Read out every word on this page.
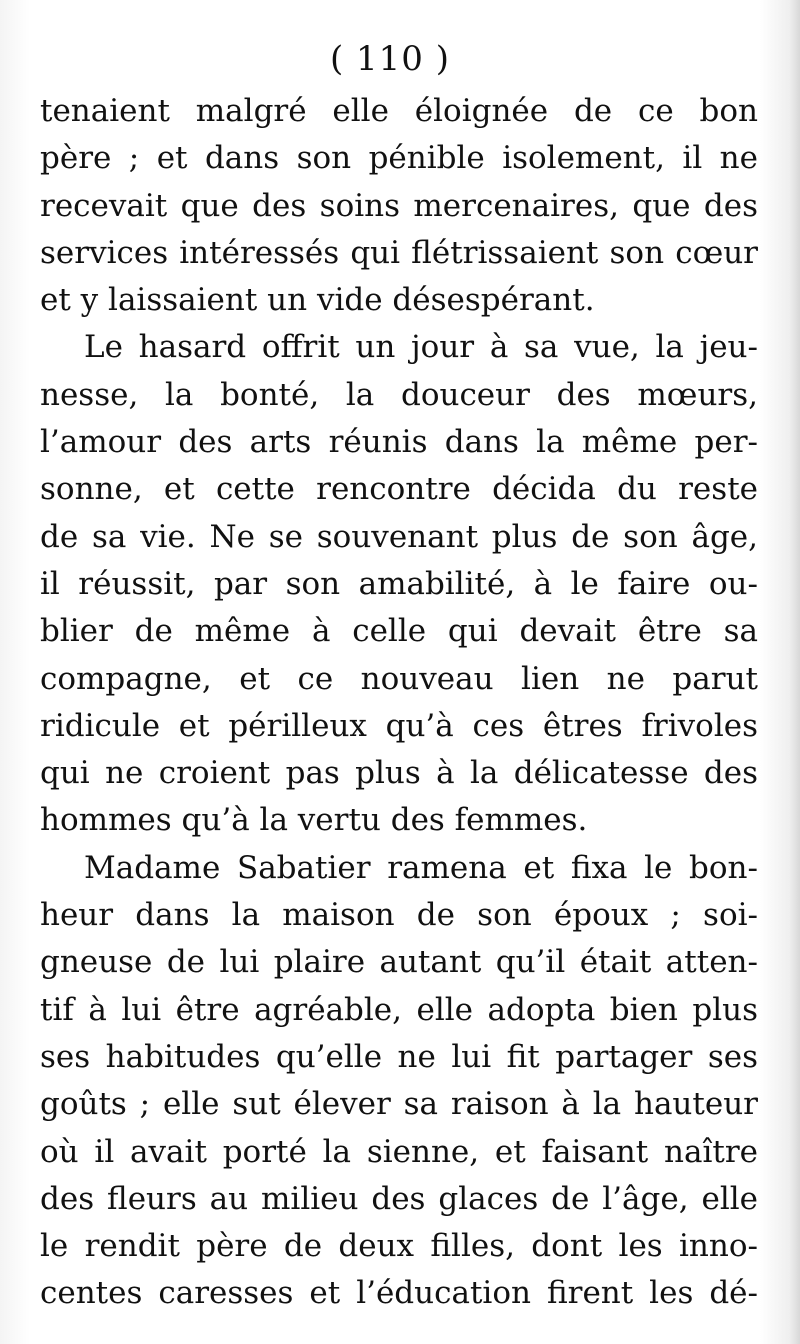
( 110 )
tenaient malgré elle éloignée de ce bon
père ; et dans son pénible isolement, il ne
recevait que des soins mercenaires, que des
services intéressés qui flétrissaient son cœur
et y laissaient un vide désespérant.
Le hasard offrit un jour à sa vue, la jeu-
nesse, la bonté, la douceur des mœurs,
l’amour des arts réunis dans la même per-
sonne, et cette rencontre décida du reste
de sa vie. Ne se souvenant plus de son âge,
il réussit, par son amabilité, à le faire ou-
blier de même à celle qui devait être sa
compagne, et ce nouveau lien ne parut
ridicule et périlleux qu’à ces êtres frivoles
qui ne croient pas plus à la délicatesse des
hommes qu’à la vertu des femmes.
Madame Sabatier ramena et fixa le bon-
heur dans la maison de son époux ; soi-
gneuse de lui plaire autant qu’il était atten-
tif à lui être agréable, elle adopta bien plus
ses habitudes qu’elle ne lui fit partager ses
goûts ; elle sut élever sa raison à la hauteur
où il avait porté la sienne, et faisant naître
des fleurs au milieu des glaces de l’âge, elle
le rendit père de deux filles, dont les inno-
centes caresses et l’éducation firent les dé-
